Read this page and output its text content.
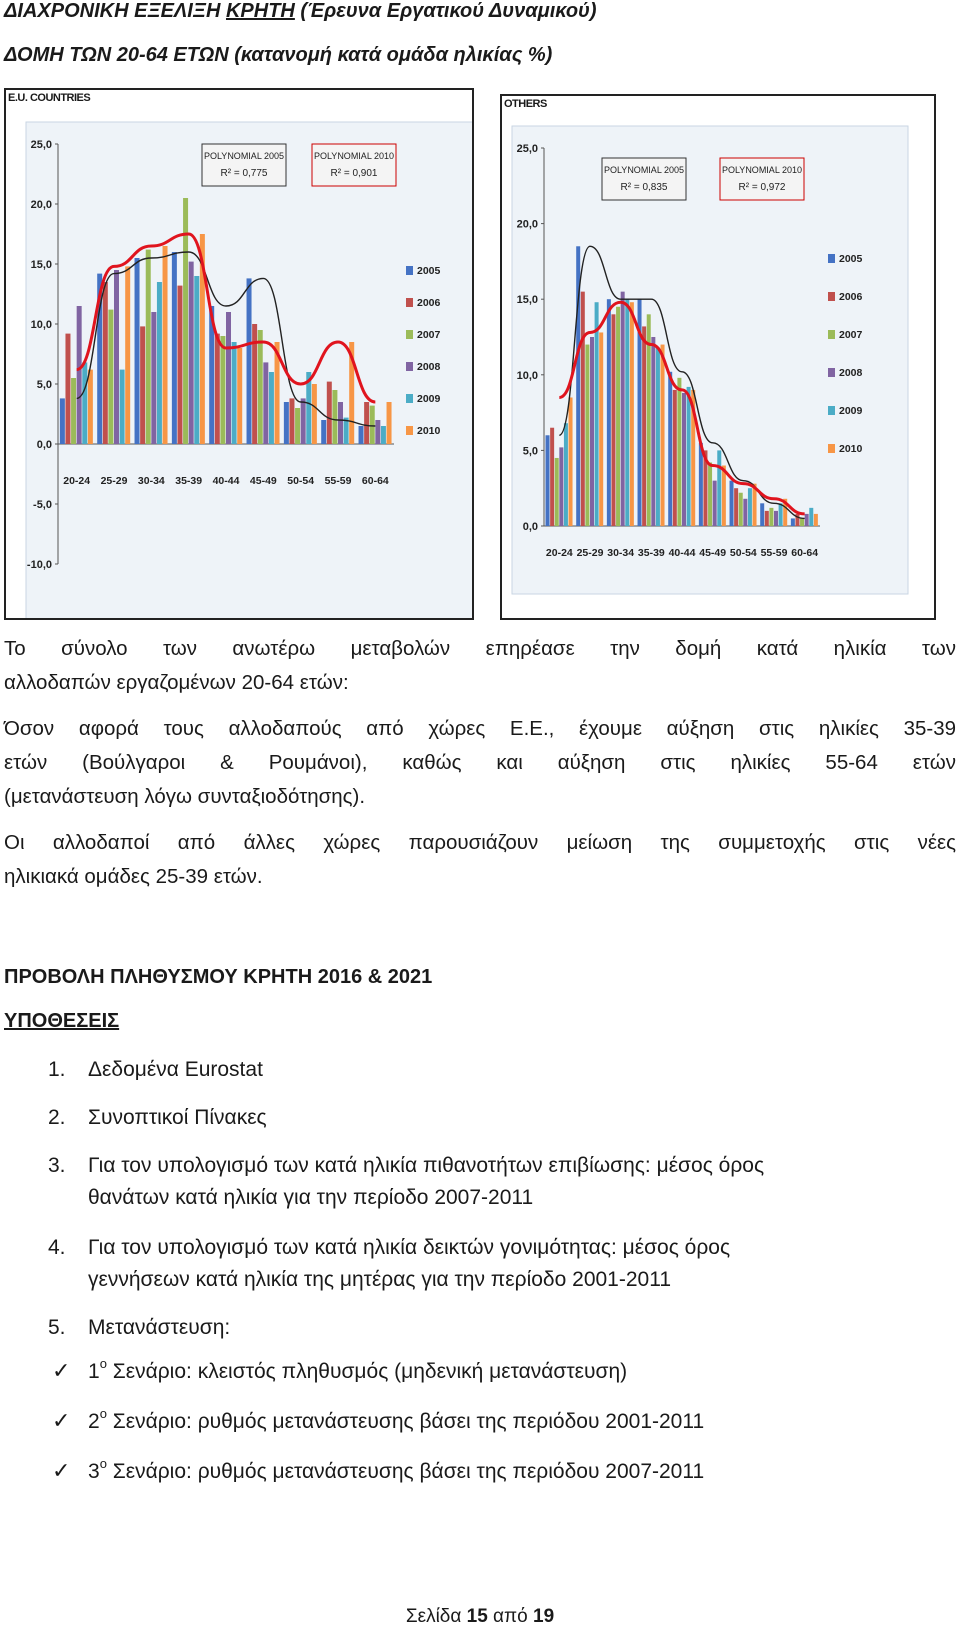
ΔΙΑΧΡΟΝΙΚΗ ΕΞΕΛΙΞΗ ΚΡΗΤΗ (Έρευνα Εργατικού Δυναμικού)
ΔΟΜΗ ΤΩΝ 20-64 ΕΤΩΝ (κατανομή κατά ομάδα ηλικίας %)
E.U. COUNTRIES
25,0
20,0
15,0
10,0
5,0
0,0
-5,0
-10,0
20-24 25-29 30-34 35-39 40-44 45-49 50-54 55-59 60-64
POLYNOMIAL 2005
R² = 0,775
POLYNOMIAL 2010
R² = 0,901
2005
2006
2007
2008
2009
2010
OTHERS
25,0
20,0
15,0
10,0
5,0
0,0
20-24 25-29 30-34 35-39 40-44 45-49 50-54 55-59 60-64
POLYNOMIAL 2005
R² = 0,835
POLYNOMIAL 2010
R² = 0,972
2005
2006
2007
2008
2009
2010
Το σύνολο των ανωτέρω μεταβολών επηρέασε την δομή κατά ηλικία των
αλλοδαπών εργαζομένων 20-64 ετών:
Όσον αφορά τους αλλοδαπούς από χώρες Ε.Ε., έχουμε αύξηση στις ηλικίες 35-39
ετών (Βούλγαροι & Ρουμάνοι), καθώς και αύξηση στις ηλικίες 55-64 ετών
(μετανάστευση λόγω συνταξιοδότησης).
Οι αλλοδαποί από άλλες χώρες παρουσιάζουν μείωση της συμμετοχής στις νέες
ηλικιακά ομάδες 25-39 ετών.
ΠΡΟΒΟΛΗ ΠΛΗΘΥΣΜΟΥ ΚΡΗΤΗ 2016 & 2021
ΥΠΟΘΕΣΕΙΣ
1.	Δεδομένα Eurostat
2.	Συνοπτικοί Πίνακες
3.	Για τον υπολογισμό των κατά ηλικία πιθανοτήτων επιβίωσης: μέσος όρος
θανάτων κατά ηλικία για την περίοδο 2007-2011
4.	Για τον υπολογισμό των κατά ηλικία δεικτών γονιμότητας: μέσος όρος
γεννήσεων κατά ηλικία της μητέρας για την περίοδο 2001-2011
5.	Μετανάστευση:
✓ $1^o$ Σενάριο: κλειστός πληθυσμός (μηδενική μετανάστευση)
✓ $2^o$ Σενάριο: ρυθμός μετανάστευσης βάσει της περιόδου 2001-2011
✓ $3^o$ Σενάριο: ρυθμός μετανάστευσης βάσει της περιόδου 2007-2011
Σελίδα 15 από 19
